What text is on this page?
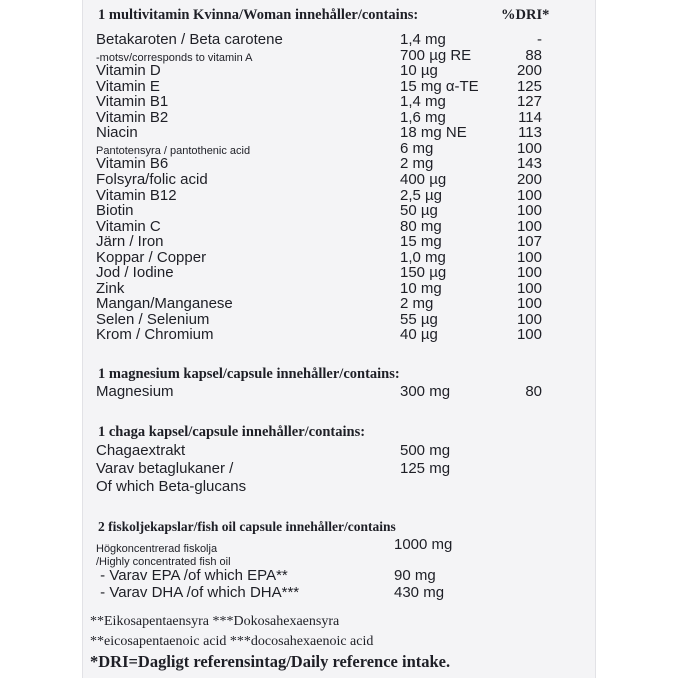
1 multivitamin Kvinna/Woman innehåller/contains:	%DRI*
Betakaroten / Beta carotene	1,4 mg	-
-motsv/corresponds to vitamin A	700 µg RE	88
Vitamin D	10 µg	200
Vitamin E	15 mg α-TE	125
Vitamin B1	1,4 mg	127
Vitamin B2	1,6 mg	114
Niacin	18 mg NE	113
Pantotensyra / pantothenic acid	6 mg	100
Vitamin B6	2 mg	143
Folsyra/folic acid	400 µg	200
Vitamin B12	2,5 µg	100
Biotin	50 µg	100
Vitamin C	80 mg	100
Järn / Iron	15 mg	107
Koppar / Copper	1,0 mg	100
Jod / Iodine	150 µg	100
Zink	10 mg	100
Mangan/Manganese	2 mg	100
Selen / Selenium	55 µg	100
Krom / Chromium	40 µg	100
1 magnesium kapsel/capsule innehåller/contains:
Magnesium	300 mg	80
1 chaga kapsel/capsule innehåller/contains:
Chagaextrakt	500 mg
Varav betaglukaner /	125 mg
Of which Beta-glucans
2 fiskoljekapslar/fish oil capsule innehåller/contains
Högkoncentrerad fiskolja	1000 mg
/Highly concentrated fish oil
- Varav EPA /of which EPA**	90 mg
- Varav DHA /of which DHA***	430 mg
**Eikosapentaensyra ***Dokosahexaensyra
**eicosapentaenoic acid ***docosahexaenoic acid
*DRI=Dagligt referensintag/Daily reference intake.
